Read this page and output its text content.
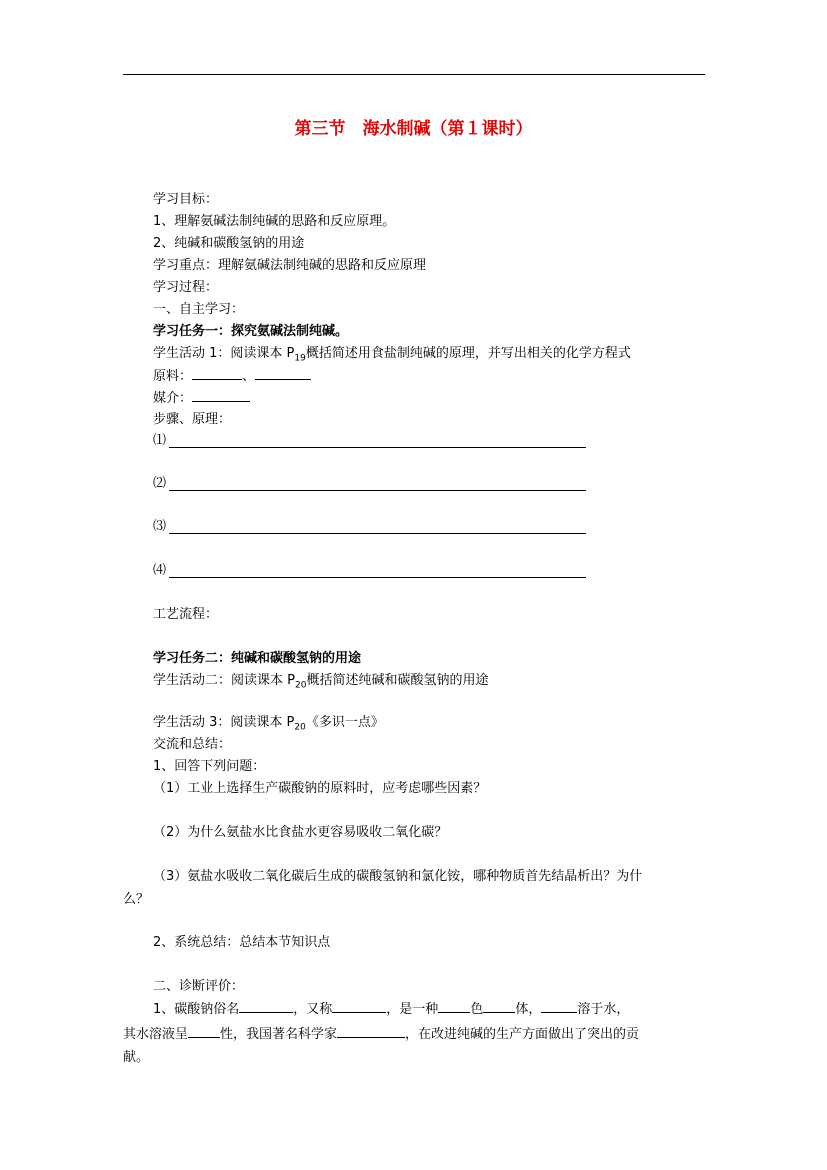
第三节　海水制碱（第１课时）
学习目标：
1、理解氨碱法制纯碱的思路和反应原理。
2、纯碱和碳酸氢钠的用途
学习重点：理解氨碱法制纯碱的思路和反应原理
学习过程：
一、自主学习：
学习任务一：探究氨碱法制纯碱。
学生活动 1：阅读课本 $P_{19}$概括简述用食盐制纯碱的原理，并写出相关的化学方程式
原料：	、
媒介：
步骤、原理：
⑴
⑵
⑶
⑷
工艺流程：
学习任务二：纯碱和碳酸氢钠的用途
学生活动二：阅读课本 $P_{20}$概括简述纯碱和碳酸氢钠的用途
学生活动 3：阅读课本 $P_{20}$《多识一点》
交流和总结：
1、回答下列问题：
（1）工业上选择生产碳酸钠的原料时，应考虑哪些因素？
（2）为什么氨盐水比食盐水更容易吸收二氧化碳？
（3）氨盐水吸收二氧化碳后生成的碳酸氢钠和氯化铵，哪种物质首先结晶析出？为什
么？
2、系统总结：总结本节知识点
二、诊断评价：
1、碳酸钠俗名	，又称	，是一种 色 体，	溶于水，
其水溶液呈 性，我国著名科学家	，在改进纯碱的生产方面做出了突出的贡
献。
